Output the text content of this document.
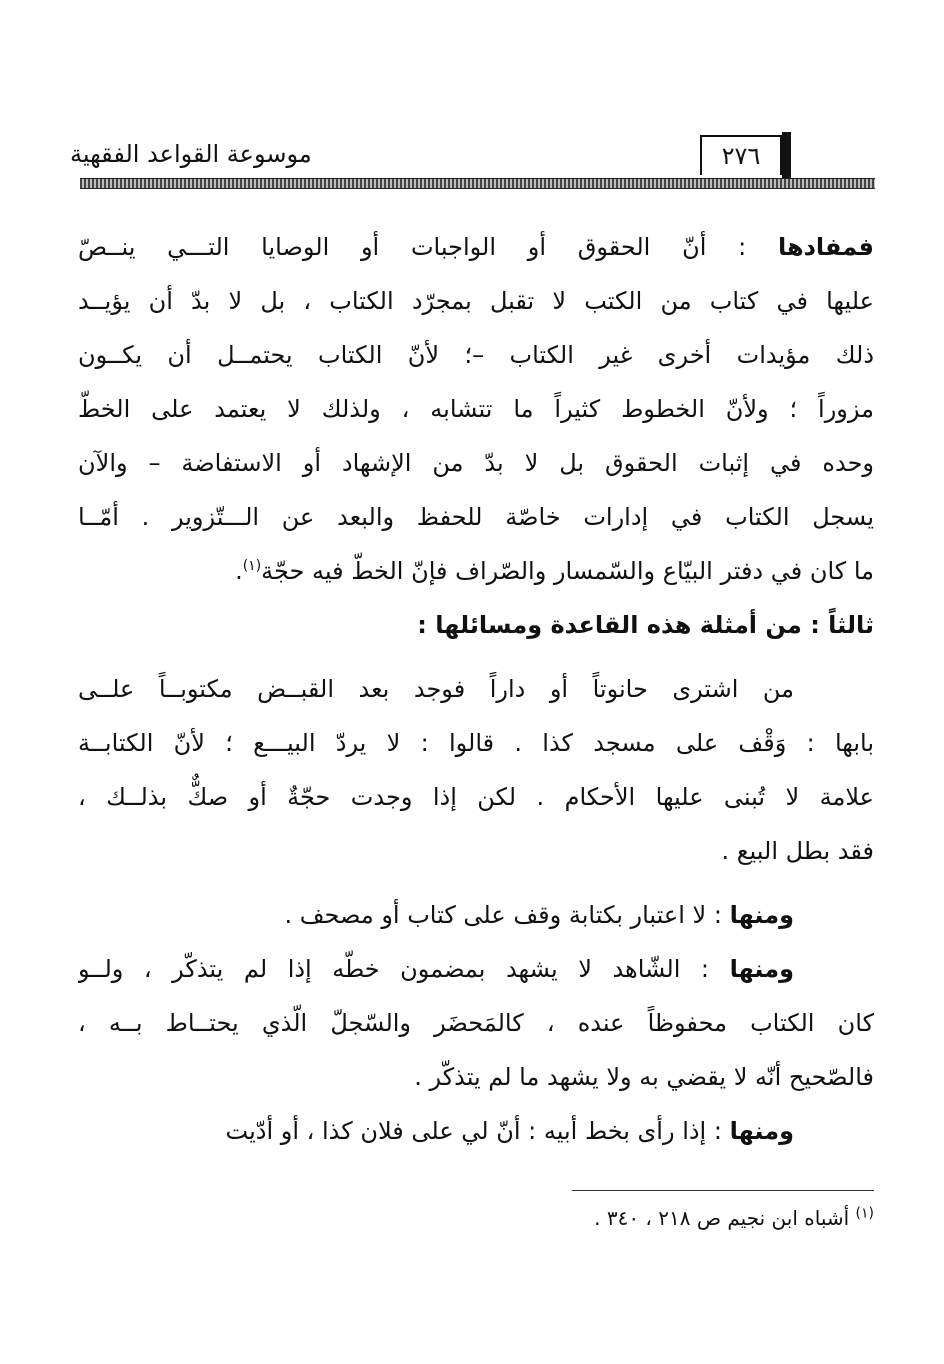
موسوعة القواعد الفقهية	٢٧٦
فمفادها : أنّ الحقوق أو الواجبات أو الوصايا التـــي ينــصّ
عليها في كتاب من الكتب لا تقبل بمجرّد الكتاب ، بل لا بدّ أن يؤيــد
ذلك مؤيدات أخرى غير الكتاب –؛ لأنّ الكتاب يحتمــل أن يكــون
مزوراً ؛ ولأنّ الخطوط كثيراً ما تتشابه ، ولذلك لا يعتمد على الخطّ
وحده في إثبات الحقوق بل لا بدّ من الإشهاد أو الاستفاضة – والآن
يسجل الكتاب في إدارات خاصّة للحفظ والبعد عن الـــتّزوير . أمّــا
ما كان في دفتر البيّاع والسّمسار والصّراف فإنّ الخطّ فيه حجّة$^{(١)}$.
ثالثاً : من أمثلة هذه القاعدة ومسائلها :
من اشترى حانوتاً أو داراً فوجد بعد القبــض مكتوبــاً علــى
بابها : وَقْف على مسجد كذا . قالوا : لا يردّ البيـــع ؛ لأنّ الكتابــة
علامة لا تُبنى عليها الأحكام . لكن إذا وجدت حجّةٌ أو صكٌّ بذلــك ،
فقد بطل البيع .
ومنها : لا اعتبار بكتابة وقف على كتاب أو مصحف .
ومنها : الشّاهد لا يشهد بمضمون خطّه إذا لم يتذكّر ، ولــو
كان الكتاب محفوظاً عنده ، كالمَحضَر والسّجلّ الّذي يحتــاط بــه ،
فالصّحيح أنّه لا يقضي به ولا يشهد ما لم يتذكّر .
ومنها : إذا رأى بخط أبيه : أنّ لي على فلان كذا ، أو أدّيت
$^{(١)}$ أشباه ابن نجيم ص ٢١٨ ، ٣٤٠ .
